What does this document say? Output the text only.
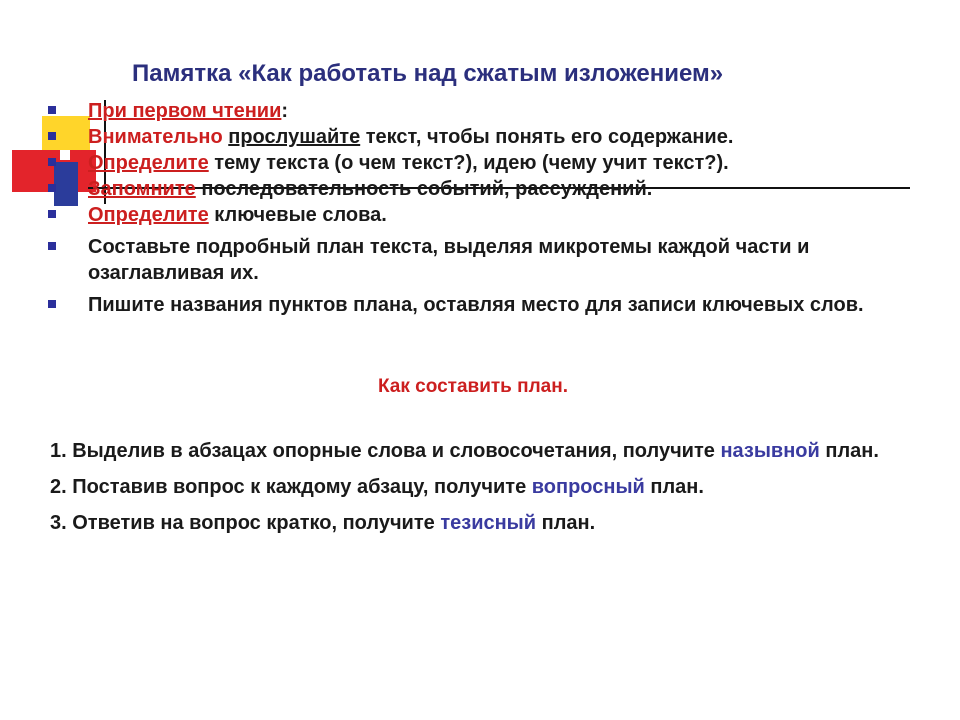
Памятка «Как работать над сжатым изложением»
При первом чтении:
Внимательно прослушайте текст, чтобы понять его содержание.
Определите тему текста (о чем текст?), идею (чему учит текст?).
Запомните последовательность событий, рассуждений.
Определите ключевые слова.
Составьте подробный план текста, выделяя микротемы каждой части и озаглавливая их.
Пишите названия пунктов плана, оставляя место для записи ключевых слов.
Как составить план.
1. Выделив в абзацах опорные слова и словосочетания, получите назывной план.
2. Поставив вопрос к каждому абзацу, получите вопросный план.
3. Ответив на вопрос кратко, получите тезисный план.
